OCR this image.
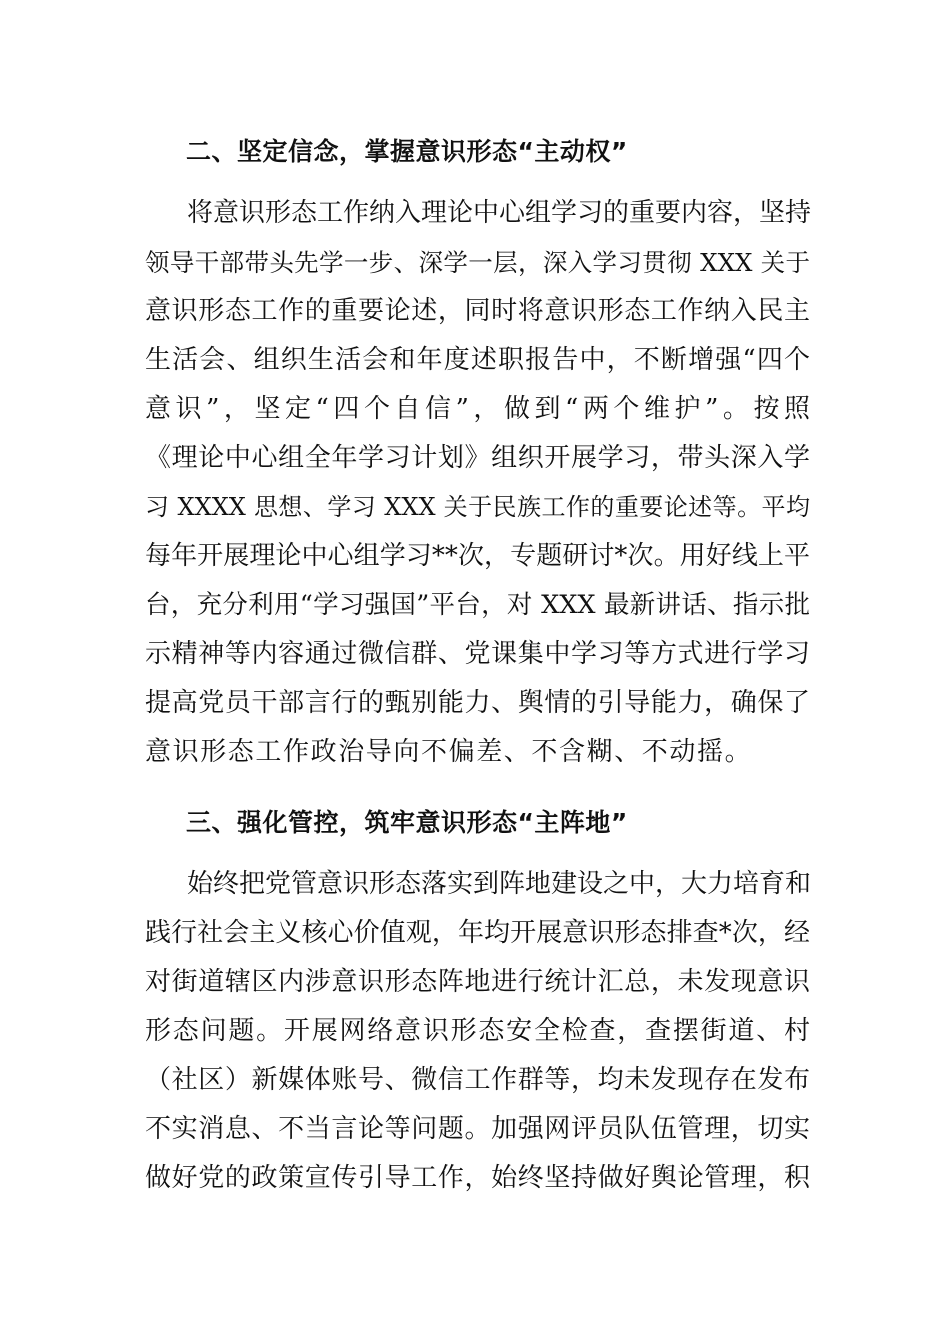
二、坚定信念，掌握意识形态“主动权”
将意识形态工作纳入理论中心组学习的重要内容，坚持
领导干部带头先学一步、深学一层，深入学习贯彻 XXX 关于
意识形态工作的重要论述，同时将意识形态工作纳入民主
生活会、组织生活会和年度述职报告中，不断增强“四个
意识”，坚定“四个自信”，做到“两个维护”。按照
《理论中心组全年学习计划》组织开展学习，带头深入学
习 XXXX 思想、学习 XXX 关于民族工作的重要论述等。平均
每年开展理论中心组学习**次，专题研讨*次。用好线上平
台，充分利用“学习强国”平台，对 XXX 最新讲话、指示批
示精神等内容通过微信群、党课集中学习等方式进行学习
提高党员干部言行的甄别能力、舆情的引导能力，确保了
意识形态工作政治导向不偏差、不含糊、不动摇。
三、强化管控，筑牢意识形态“主阵地”
始终把党管意识形态落实到阵地建设之中，大力培育和
践行社会主义核心价值观，年均开展意识形态排查*次，经
对街道辖区内涉意识形态阵地进行统计汇总，未发现意识
形态问题。开展网络意识形态安全检查，查摆街道、村
（社区）新媒体账号、微信工作群等，均未发现存在发布
不实消息、不当言论等问题。加强网评员队伍管理，切实
做好党的政策宣传引导工作，始终坚持做好舆论管理，积
